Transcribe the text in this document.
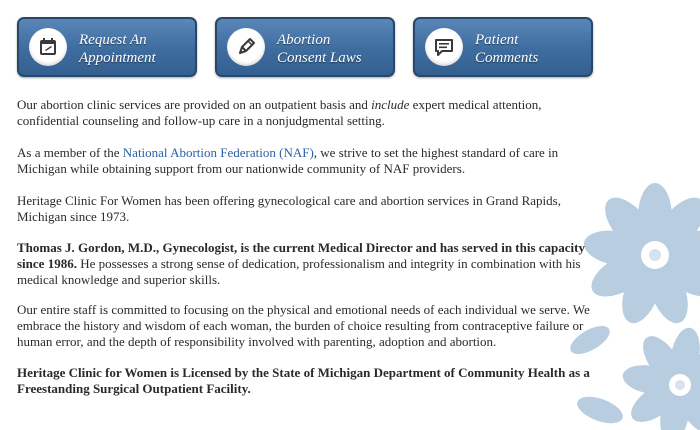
Request An
Appointment
Abortion
Consent Laws
Patient
Comments

Our abortion clinic services are provided on an outpatient basis and include expert medical attention, confidential counseling and follow-up care in a nonjudgmental setting.

As a member of the National Abortion Federation (NAF), we strive to set the highest standard of care in Michigan while obtaining support from our nationwide community of NAF providers.

Heritage Clinic For Women has been offering gynecological care and abortion services in Grand Rapids, Michigan since 1973.

Thomas J. Gordon, M.D., Gynecologist, is the current Medical Director and has served in this capacity since 1986. He possesses a strong sense of dedication, professionalism and integrity in combination with his medical knowledge and superior skills.

Our entire staff is committed to focusing on the physical and emotional needs of each individual we serve. We embrace the history and wisdom of each woman, the burden of choice resulting from contraceptive failure or human error, and the depth of responsibility involved with parenting, adoption and abortion.

Heritage Clinic for Women is Licensed by the State of Michigan Department of Community Health as a Freestanding Surgical Outpatient Facility.
